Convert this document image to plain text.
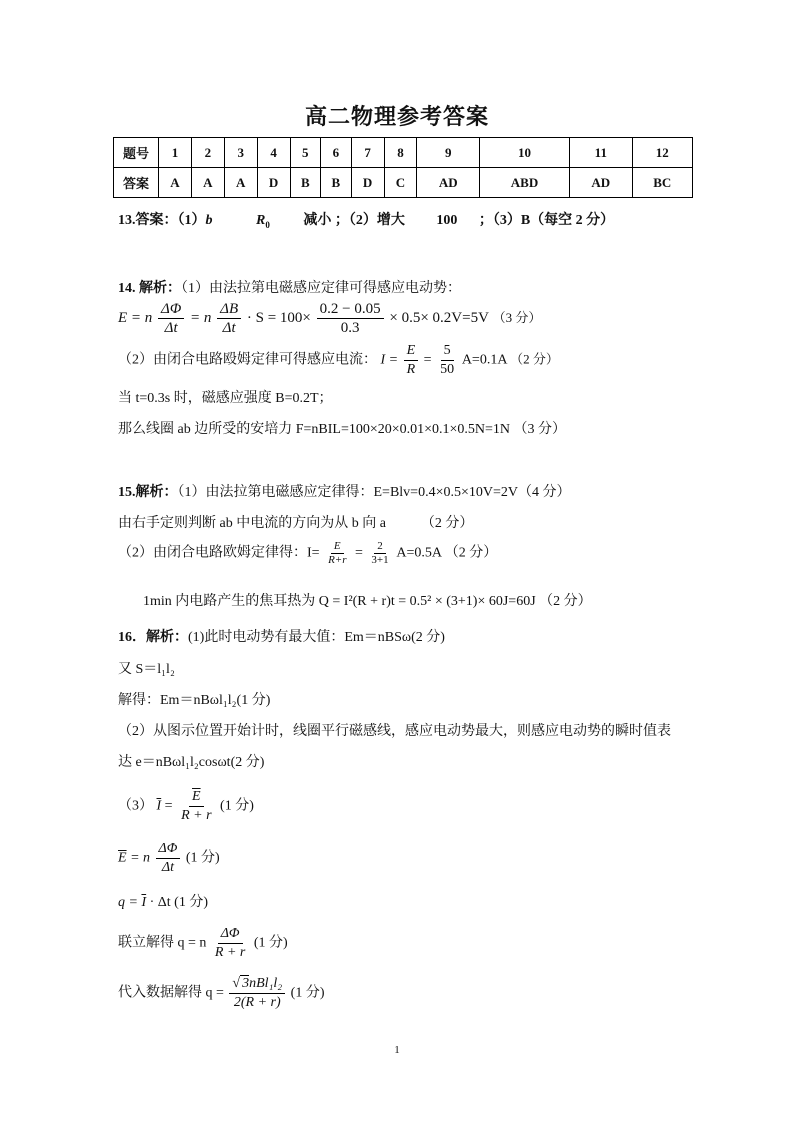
高二物理参考答案
题号	1	2	3	4	5	6	7	8	9	10	11	12
答案	A	A	A	D	B	B	D	C	AD	ABD	AD	BC
13.答案：（1）b	$R_0$ 减小 ；（2）增大 100 ；（3）B（每空 2 分）
14. 解析：（1）由法拉第电磁感应定律可得感应电动势：
E = n $\frac{\Delta\Phi}{\Delta t} = n \frac{\Delta B}{\Delta t} \cdot S = 100\times \frac{0.2 - 0.05}{0.3} \times 0.5\times 0.2V=5V$ （3 分）
（2）由闭合电路殴姆定律可得感应电流： $I = \frac{E}{R} = \frac{5}{50} A=0.1A$ （2 分）
当 t=0.3s 时，磁感应强度 B=0.2T；
那么线圈 ab 边所受的安培力 F=nBIL=100×20×0.01×0.1×0.5N=1N （3 分）
15.解析：（1）由法拉第电磁感应定律得：E=Blv=0.4×0.5×10V=2V（4 分）
由右手定则判断 ab 中电流的方向为从 b 向 a　　　（2 分）
（2）由闭合电路欧姆定律得：$I= \frac{E}{R+r} = \frac{2}{3+1} A=0.5A$ （2 分）
1min 内电路产生的焦耳热为 Q = I²(R + r)t = 0.5² × (3+1)× 60J=60J （2 分）
16．解析：(1)此时电动势有最大值：Em＝nBSω(2 分)
又 S＝l₁l₂
解得：Em＝nBωl₁l₂(1 分)
（2）从图示位置开始计时，线圈平行磁感线，感应电动势最大，则感应电动势的瞬时值表
达 e＝nBωl₁l₂cosωt(2 分)
（3） $\overline{I} = \frac{\overline{E}}{R + r} (1$ 分)
$\overline{E} = n \frac{\Delta\Phi}{\Delta t} (1$ 分)
$q = \overline{I} \cdot \Delta t$ (1 分)
联立解得 q = n $\frac{\Delta\Phi}{R + r} (1$ 分)
代入数据解得 $q = \frac{\text{√ 3nBl₁l₂}}{2(R + r)} (1$ 分)
1
